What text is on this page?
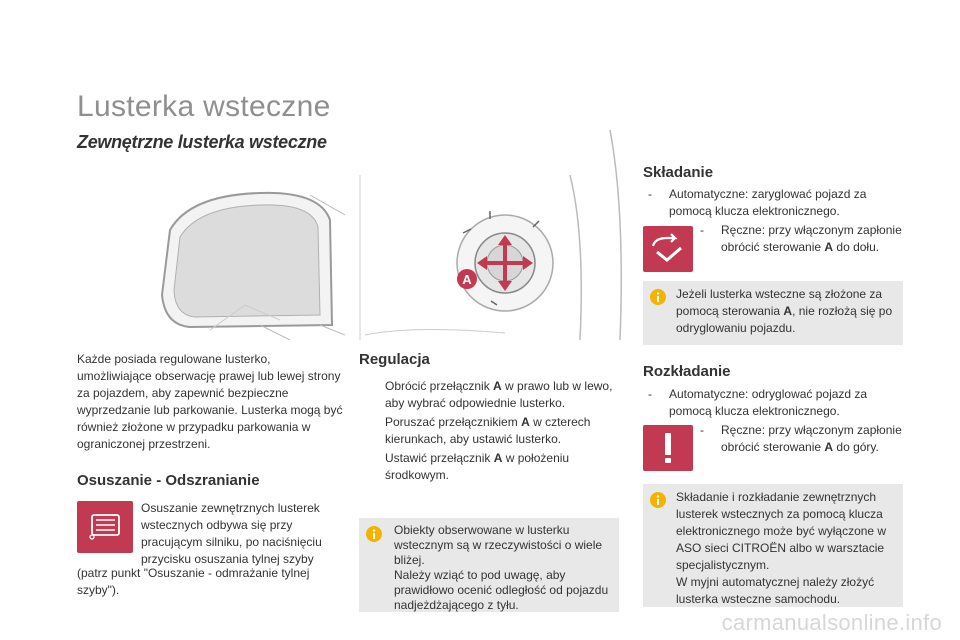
Lusterka wsteczne
Zewnętrzne lusterka wsteczne
A
Każde posiada regulowane lusterko, umożliwiające obserwację prawej lub lewej strony za pojazdem, aby zapewnić bezpieczne wyprzedzanie lub parkowanie. Lusterka mogą być również złożone w przypadku parkowania w ograniczonej przestrzeni.
Osuszanie - Odszranianie
Osuszanie zewnętrznych lusterek wstecznych odbywa się przy pracującym silniku, po naciśnięciu przycisku osuszania tylnej szyby
(patrz punkt "Osuszanie - odmrażanie tylnej szyby").
Regulacja
Obrócić przełącznik A w prawo lub w lewo, aby wybrać odpowiednie lusterko.
Poruszać przełącznikiem A w czterech kierunkach, aby ustawić lusterko.
Ustawić przełącznik A w położeniu środkowym.
Obiekty obserwowane w lusterku wstecznym są w rzeczywistości o wiele bliżej.
Należy wziąć to pod uwagę, aby prawidłowo ocenić odległość od pojazdu nadjeżdżającego z tyłu.
Składanie
- Automatyczne: zaryglować pojazd za pomocą klucza elektronicznego.
- Ręczne: przy włączonym zapłonie obrócić sterowanie A do dołu.
Jeżeli lusterka wsteczne są złożone za pomocą sterowania A, nie rozłożą się po odryglowaniu pojazdu.
Rozkładanie
- Automatyczne: odryglować pojazd za pomocą klucza elektronicznego.
- Ręczne: przy włączonym zapłonie obrócić sterowanie A do góry.
Składanie i rozkładanie zewnętrznych lusterek wstecznych za pomocą klucza elektronicznego może być wyłączone w ASO sieci CITROËN albo w warsztacie specjalistycznym.
W myjni automatycznej należy złożyć lusterka wsteczne samochodu.
carmanualsonline.info
